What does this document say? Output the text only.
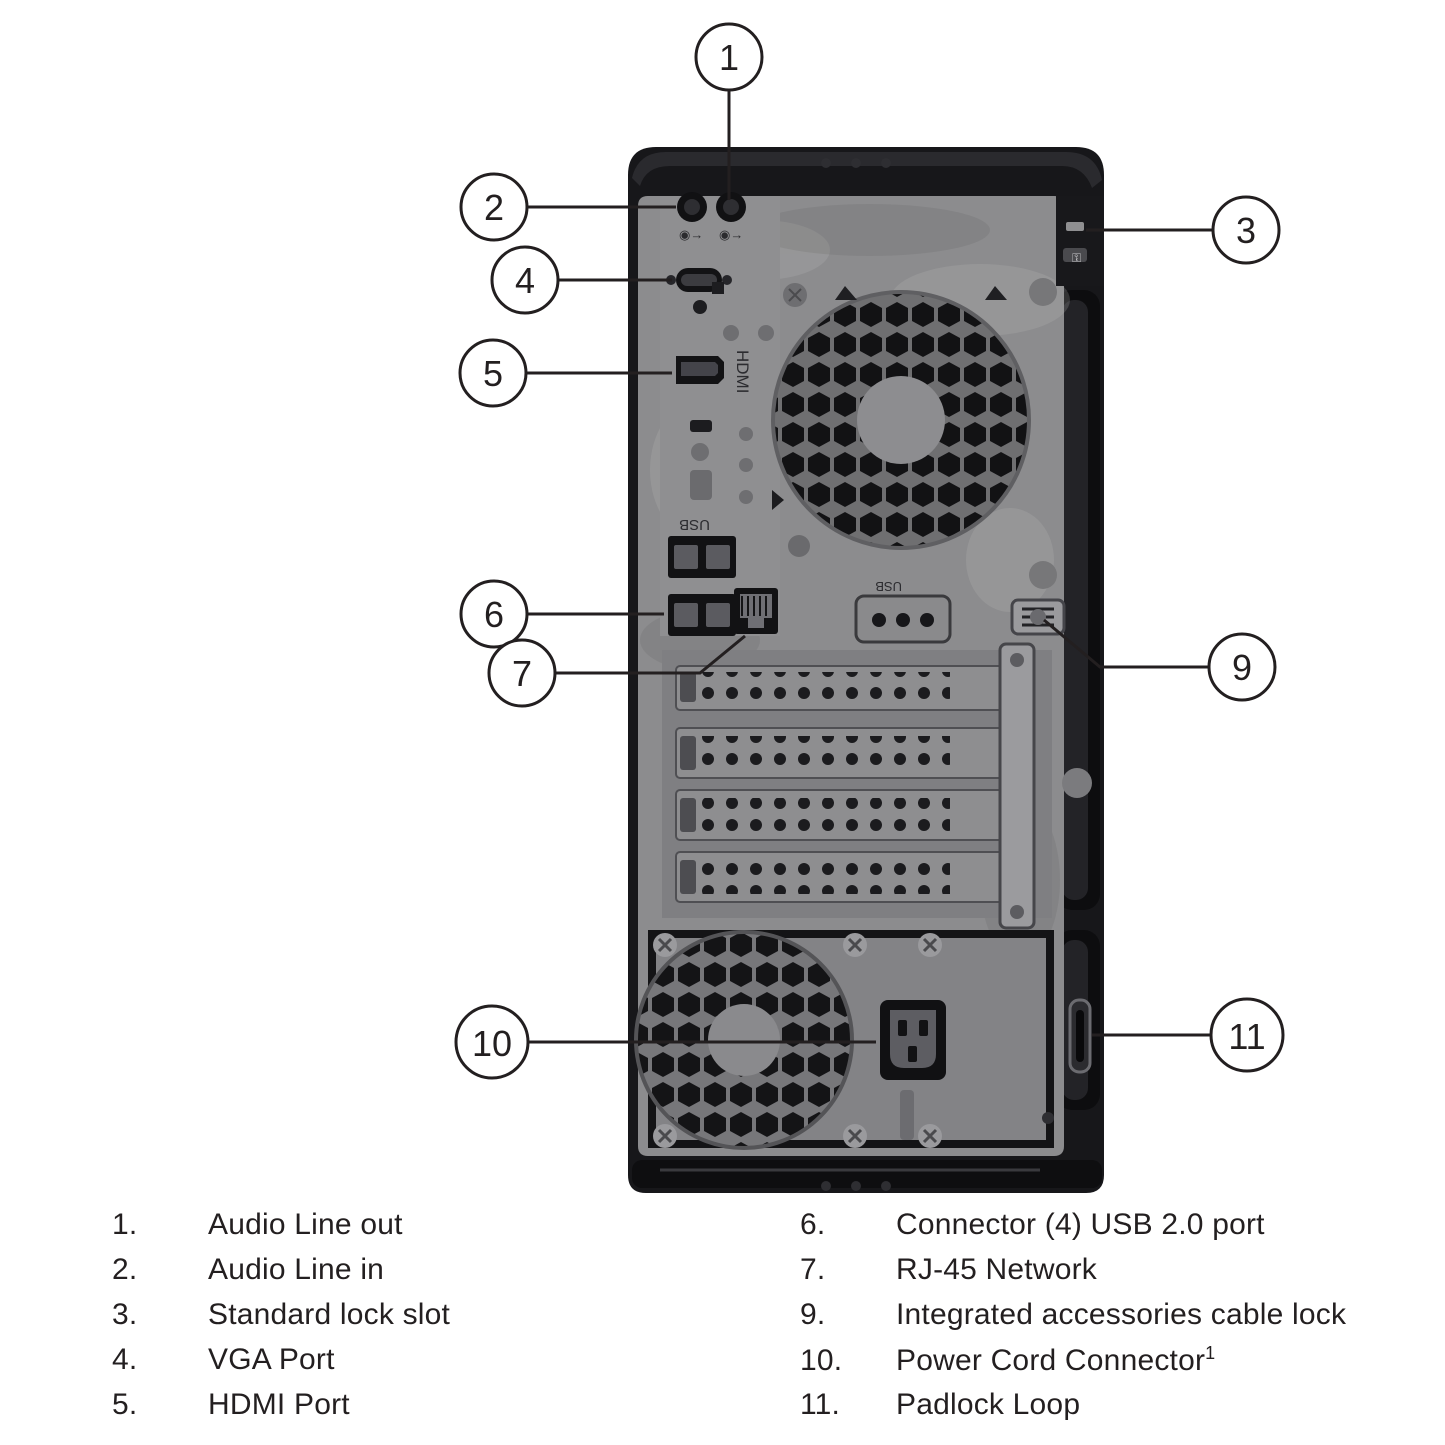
◉→ ◉→
HDMI
USB
⚿
USB
1
2
3
4
5
6
7	9
10	11
1.	Audio Line out
2.	Audio Line in
3.	Standard lock slot
4.	VGA Port
5.	HDMI Port
6.	Connector (4) USB 2.0 port
7.	RJ-45 Network
9.	Integrated accessories cable lock
10.	Power Cord Connector$^1$
11.	Padlock Loop
